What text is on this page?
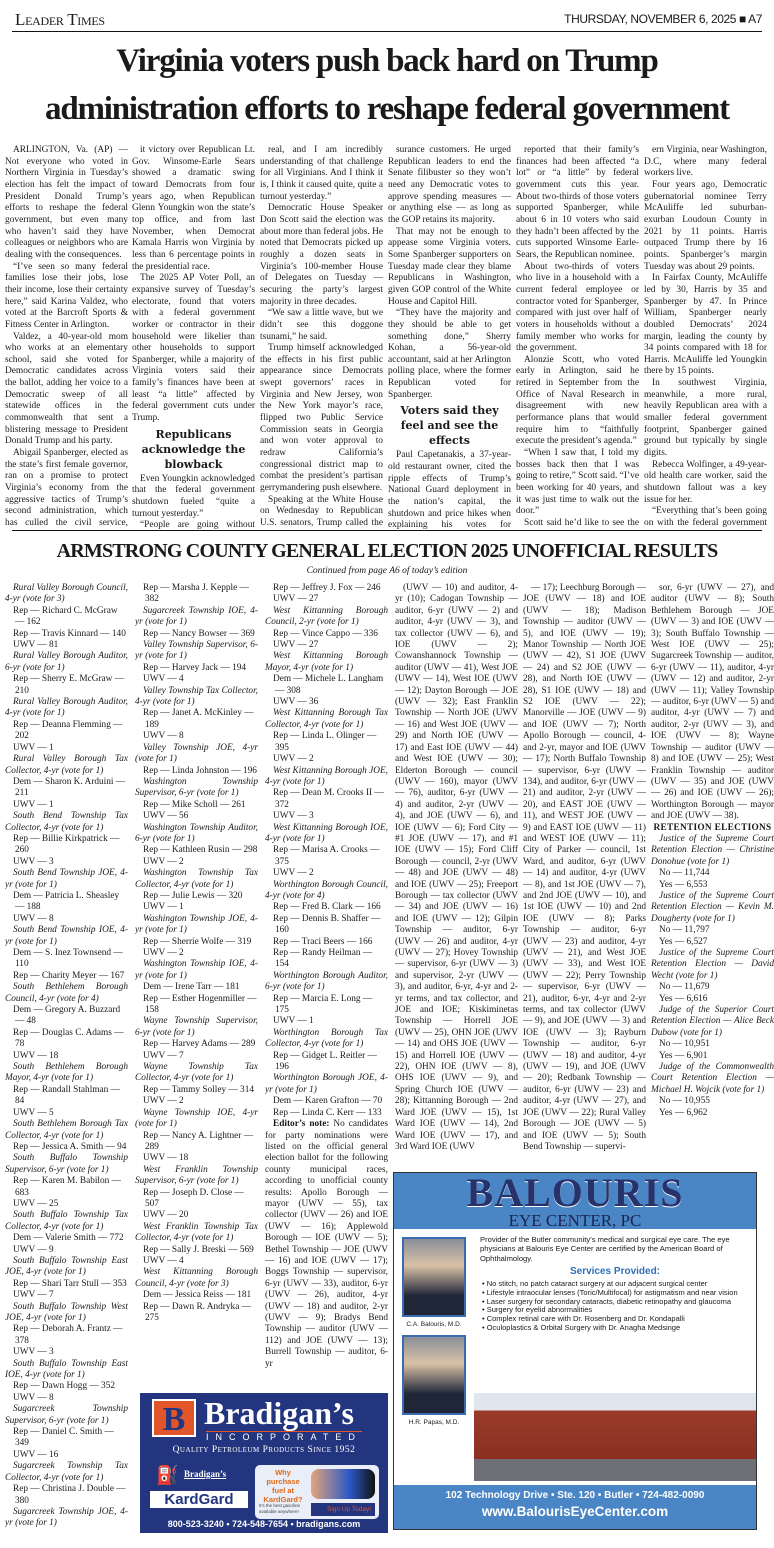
Leader Times	THURSDAY, NOVEMBER 6, 2025 ■ A7
Virginia voters push back hard on Trump
administration efforts to reshape federal government

ARLINGTON, Va. (AP) — Not everyone who voted in Northern Virginia in Tuesday’s election has felt the impact of President Donald Trump’s efforts to reshape the federal government, but even many who haven’t said they have colleagues or neighbors who are dealing with the consequences.

“I’ve seen so many federal families lose their jobs, lose their income, lose their certainty here,” said Karina Valdez, who voted at the Barcroft Sports & Fitness Center in Arlington.

Valdez, a 40-year-old mom who works at an elementary school, said she voted for Democratic candidates across the ballot, adding her voice to a Democratic sweep of all statewide offices in the commonwealth that sent a blistering message to President Donald Trump and his party.

Abigail Spanberger, elected as the state’s first female governor, ran on a promise to protect Virginia’s economy from the aggressive tactics of Trump’s second administration, which has culled the civil service,

it victory over Republican Lt. Gov. Winsome-Earle Sears showed a dramatic swing toward Democrats from four years ago, when Republican Glenn Youngkin won the state’s top office, and from last November, when Democrat Kamala Harris won Virginia by less than 6 percentage points in the presidential race.

The 2025 AP Voter Poll, an expansive survey of Tuesday’s electorate, found that voters with a federal government worker or contractor in their household were likelier than other households to support Spanberger, while a majority of Virginia voters said their family’s finances have been at least “a little” affected by federal government cuts under Trump.

Republicans acknowledge the blowback

Even Youngkin acknowledged that the federal government shutdown fueled “quite a turnout yesterday.”

“People are going without

real, and I am incredibly understanding of that challenge for all Virginians. And I think it is, I think it caused quite, quite a turnout yesterday.”

Democratic House Speaker Don Scott said the election was about more than federal jobs. He noted that Democrats picked up roughly a dozen seats in Virginia’s 100-member House of Delegates on Tuesday — securing the party’s largest majority in three decades.

“We saw a little wave, but we didn’t see this doggone tsunami,” he said.

Trump himself acknowledged the effects in his first public appearance since Democrats swept governors’ races in Virginia and New Jersey, won the New York mayor’s race, flipped two Public Service Commission seats in Georgia and won voter approval to redraw California’s congressional district map to combat the president’s partisan gerrymandering push elsewhere.

Speaking at the White House on Wednesday to Republican U.S. senators, Trump called the

surance customers. He urged Republican leaders to end the Senate filibuster so they won’t need any Democratic votes to approve spending measures — or anything else — as long as the GOP retains its majority.

That may not be enough to appease some Virginia voters. Some Spanberger supporters on Tuesday made clear they blame Republicans in Washington, given GOP control of the White House and Capitol Hill.

“They have the majority and they should be able to get something done,” Sherry Kohan, a 56-year-old accountant, said at her Arlington polling place, where the former Republican voted for Spanberger.

Voters said they feel and see the effects

Paul Capetanakis, a 37-year-old restaurant owner, cited the ripple effects of Trump’s National Guard deployment in the nation’s capital, the shutdown and price hikes when explaining his votes for

reported that their family’s finances had been affected “a lot” or “a little” by federal government cuts this year. About two-thirds of those voters supported Spanberger, while about 6 in 10 voters who said they hadn’t been affected by the cuts supported Winsome Earle-Sears, the Republican nominee.

About two-thirds of voters who live in a household with a current federal employee or contractor voted for Spanberger, compared with just over half of voters in households without a family member who works for the government.

Alonzie Scott, who voted early in Arlington, said he retired in September from the Office of Naval Research in disagreement with new performance plans that would require him to “faithfully execute the president’s agenda.”

“When I saw that, I told my bosses back then that I was going to retire,” Scott said. “I’ve been working for 40 years, and it was just time to walk out the door.”

Scott said he’d like to see the

ern Virginia, near Washington, D.C, where many federal workers live.

Four years ago, Democratic gubernatorial nominee Terry McAuliffe led suburban-exurban Loudoun County in 2021 by 11 points. Harris outpaced Trump there by 16 points. Spanberger’s margin Tuesday was about 29 points.

In Fairfax County, McAuliffe led by 30, Harris by 35 and Spanberger by 47. In Prince William, Spanberger nearly doubled Democrats’ 2024 margin, leading the county by 34 points compared with 18 for Harris. McAuliffe led Youngkin there by 15 points.

In southwest Virginia, meanwhile, a more rural, heavily Republican area with a smaller federal government footprint, Spanberger gained ground but typically by single digits.

Rebecca Wolfinger, a 49-year-old health care worker, said the shutdown fallout was a key issue for her.

“Everything that’s been going on with the federal government

ARMSTRONG COUNTY GENERAL ELECTION 2025 UNOFFICIAL RESULTS
Continued from page A6 of today’s edition
Rural Valley Borough Council, 4-yr (vote for 3)
Rep — Richard C. McGraw — 162
Rep — Travis Kinnard — 140
UWV — 81
Rural Valley Borough Auditor, 6-yr (vote for 1)
Rep — Sherry E. McGraw — 210
Rural Valley Borough Auditor, 4-yr (vote for 1)
Rep — Deanna Flemming — 202
UWV — 1
Rural Valley Borough Tax Collector, 4-yr (vote for 1)
Dem — Sharon K. Arduini — 211
UWV — 1
South Bend Township Tax Collector, 4-yr (vote for 1)
Rep — Billie Kirkpatrick — 260
UWV — 3
South Bend Township JOE, 4-yr (vote for 1)
Dem — Patricia L. Sheasley — 188
UWV — 8
South Bend Township IOE, 4-yr (vote for 1)
Dem — S. Inez Townsend — 110
Rep — Charity Meyer — 167
South Bethlehem Borough Council, 4-yr (vote for 4)
Dem — Gregory A. Buzzard — 48
Rep — Douglas C. Adams — 78
UWV — 18
South Bethlehem Borough Mayor, 4-yr (vote for 1)
Rep — Randall Stahlman — 84
UWV — 5
South Bethlehem Borough Tax Collector, 4-yr (vote for 1)
Rep — Jessica A. Smith — 94
South Buffalo Township Supervisor, 6-yr (vote for 1)
Rep — Karen M. Babilon — 683
UWV — 25
South Buffalo Township Tax Collector, 4-yr (vote for 1)
Dem — Valerie Smith — 772
UWV — 9
South Buffalo Township East JOE, 4-yr (vote for 1)
Rep — Shari Tarr Stull — 353
UWV — 7
South Buffalo Township West JOE, 4-yr (vote for 1)
Rep — Deborah A. Frantz — 378
UWV — 3
South Buffalo Township East IOE, 4-yr (vote for 1)
Rep — Dawn Hogg — 352
UWV — 8
Sugarcreek Township Supervisor, 6-yr (vote for 1)
Rep — Daniel C. Smith — 349
UWV — 16
Sugarcreek Township Tax Collector, 4-yr (vote for 1)
Rep — Christina J. Double — 380
Sugarcreek Township JOE, 4-yr (vote for 1)
Rep — Marsha J. Kepple — 382
Sugarcreek Township IOE, 4-yr (vote for 1)
Rep — Nancy Bowser — 369
Valley Township Supervisor, 6-yr (vote for 1)
Rep — Harvey Jack — 194
UWV — 4
Valley Township Tax Collector, 4-yr (vote for 1)
Rep — Janet A. McKinley — 189
UWV — 8
Valley Township JOE, 4-yr (vote for 1)
Rep — Linda Johnston — 196
Washington Township Supervisor, 6-yr (vote for 1)
Rep — Mike Scholl — 261
UWV — 56
Washington Township Auditor, 6-yr (vote for 1)
Rep — Kathleen Rusin — 298
UWV — 2
Washington Township Tax Collector, 4-yr (vote for 1)
Rep — Julie Lewis — 320
UWV — 1
Washington Township JOE, 4-yr (vote for 1)
Rep — Sherrie Wolfe — 319
UWV — 2
Washington Township IOE, 4-yr (vote for 1)
Dem — Irene Tarr — 181
Rep — Esther Hogenmiller — 158
Wayne Township Supervisor, 6-yr (vote for 1)
Rep — Harvey Adams — 289
UWV — 7
Wayne Township Tax Collector, 4-yr (vote for 1)
Rep — Tammy Solley — 314
UWV — 2
Wayne Township IOE, 4-yr (vote for 1)
Rep — Nancy A. Lightner — 289
UWV — 18
West Franklin Township Supervisor, 6-yr (vote for 1)
Rep — Joseph D. Close — 507
UWV — 20
West Franklin Township Tax Collector, 4-yr (vote for 1)
Rep — Sally J. Breski — 569
UWV — 4
West Kittanning Borough Council, 4-yr (vote for 3)
Dem — Jessica Reiss — 181
Rep — Dawn R. Andryka — 275
Rep — Jeffrey J. Fox — 246
UWV — 27
West Kittanning Borough Council, 2-yr (vote for 1)
Rep — Vince Cappo — 336
UWV — 27
West Kittanning Borough Mayor, 4-yr (vote for 1)
Dem — Michele L. Langham — 308
UWV — 36
West Kittanning Borough Tax Collector, 4-yr (vote for 1)
Rep — Linda L. Olinger — 395
UWV — 2
West Kittanning Borough JOE, 4-yr (vote for 1)
Rep — Dean M. Crooks II — 372
UWV — 3
West Kittanning Borough IOE, 4-yr (vote for 1)
Rep — Marisa A. Crooks — 375
UWV — 2
Worthington Borough Council, 4-yr (vote for 4)
Rep — Fred B. Clark — 166
Rep — Dennis B. Shaffer — 160
Rep — Traci Beers — 166
Rep — Randy Heilman — 154
Worthington Borough Auditor, 6-yr (vote for 1)
Rep — Marcia E. Long — 175
UWV — 1
Worthington Borough Tax Collector, 4-yr (vote for 1)
Rep — Gidget L. Reitler — 196
Worthington Borough JOE, 4-yr (vote for 1)
Dem — Karen Grafton — 70
Rep — Linda C. Kerr — 133
Editor’s note: No candidates for party nominations were listed on the official general election ballot for the following county municipal races, according to unofficial county results: Apollo Borough — mayor (UWV — 55), tax collector (UWV — 26) and IOE (UWV — 16); Applewold Borough — IOE (UWV — 5); Bethel Township — JOE (UWV — 16) and IOE (UWV — 17); Boggs Township — supervisor, 6-yr (UWV — 33), auditor, 6-yr (UWV — 26), auditor, 4-yr (UWV — 18) and auditor, 2-yr (UWV — 9); Bradys Bend Township — auditor (UWV — 112) and JOE (UWV — 13); Burrell Township — auditor, 6-yr
(UWV — 10) and auditor, 4-yr (10); Cadogan Township — auditor, 6-yr (UWV — 2) and auditor, 4-yr (UWV — 3), and tax collector (UWV — 6), and IOE (UWV — 2); Cowanshannock Township — auditor (UWV — 41), West JOE (UWV — 14), West IOE (UWV — 12); Dayton Borough — JOE (UWV — 32); East Franklin Township — North JOE (UWV — 16) and West JOE (UWV — 29) and North IOE (UWV — 17) and East IOE (UWV — 44) and West IOE (UWV — 30); Elderton Borough — council (UWV — 160), mayor (UWV — 76), auditor, 6-yr (UWV — 4) and auditor, 2-yr (UWV — 4), and JOE (UWV — 6), and IOE (UWV — 6); Ford City — #1 JOE (UWV — 17), and #1 IOE (UWV — 15); Ford Cliff Borough — council, 2-yr (UWV — 48) and JOE (UWV — 48) and IOE (UWV — 25); Freeport Borough — tax collector (UWV — 34) and JOE (UWV — 16) and IOE (UWV — 12); Gilpin Township — auditor, 6-yr (UWV — 26) and auditor, 4-yr (UWV — 27); Hovey Township — supervisor, 6-yr (UWV — 3) and supervisor, 2-yr (UWV — 3), and auditor, 6-yr, 4-yr and 2-yr terms, and tax collector, and JOE and IOE; Kiskiminetas Township — Horrell JOE (UWV — 25), OHN JOE (UWV — 14) and OHS JOE (UWV — 15) and Horrell IOE (UWV — 22), OHN IOE (UWV — 8), OHS IOE (UWV — 9), and Spring Church IOE (UWV — 28); Kittanning Borough — 2nd Ward JOE (UWV — 15), 1st Ward IOE (UWV — 14), 2nd Ward IOE (UWV — 17), and 3rd Ward IOE (UWV
— 17); Leechburg Borough — JOE (UWV — 18) and IOE (UWV — 18); Madison Township — auditor (UWV — 5), and IOE (UWV — 19); Manor Township — North JOE (UWV — 42), S1 JOE (UWV — 24) and S2 JOE (UWV — 28), and North IOE (UWV — 28), S1 IOE (UWV — 18) and S2 IOE (UWV — 22); Manorville — JOE (UWV — 9) and IOE (UWV — 7); North Apollo Borough — council, 4- and 2-yr, mayor and IOE (UWV — 17); North Buffalo Township — supervisor, 6-yr (UWV — 134), and auditor, 6-yr (UWV — 21) and auditor, 2-yr (UWV — 20), and EAST JOE (UWV — 11), and WEST JOE (UWV — 9) and EAST IOE (UWV — 11) and WEST IOE (UWV — 11); City of Parker — council, 1st Ward, and auditor, 6-yr (UWV — 14) and auditor, 4-yr (UWV — 8), and 1st JOE (UWV — 7), and 2nd JOE (UWV — 10), and 1st IOE (UWV — 10) and 2nd IOE (UWV — 8); Parks Township — auditor, 6-yr (UWV — 23) and auditor, 4-yr (UWV — 21), and West JOE (UWV — 33), and West IOE (UWV — 22); Perry Township — supervisor, 6-yr (UWV — 21), auditor, 6-yr, 4-yr and 2-yr terms, and tax collector (UWV — 9), and JOE (UWV — 3) and IOE (UWV — 3); Rayburn Township — auditor, 6-yr (UWV — 18) and auditor, 4-yr (UWV — 19), and JOE (UWV — 20); Redbank Township — auditor, 6-yr (UWV — 23) and auditor, 4-yr (UWV — 27), and JOE (UWV — 22); Rural Valley Borough — JOE (UWV — 5) and IOE (UWV — 5); South Bend Township — supervi-
sor, 6-yr (UWV — 27), and auditor (UWV — 8); South Bethlehem Borough — JOE (UWV — 3) and IOE (UWV — 3); South Buffalo Township — West IOE (UWV — 25); Sugarcreek Township — auditor, 6-yr (UWV — 11), auditor, 4-yr (UWV — 12) and auditor, 2-yr (UWV — 11); Valley Township — auditor, 6-yr (UWV — 5) and auditor, 4-yr (UWV — 7) and auditor, 2-yr (UWV — 3), and IOE (UWV — 8); Wayne Township — auditor (UWV — 8) and IOE (UWV — 25); West Franklin Township — auditor (UWV — 35) and JOE (UWV — 26) and IOE (UWV — 26); Worthington Borough — mayor and JOE (UWV — 38).
RETENTION ELECTIONS
Justice of the Supreme Court Retention Election — Christine Donohue (vote for 1)
No — 11,744
Yes — 6,553
Justice of the Supreme Court Retention Election — Kevin M. Dougherty (vote for 1)
No — 11,797
Yes — 6,527
Justice of the Supreme Court Retention Election — David Wecht (vote for 1)
No — 11,679
Yes — 6,616
Judge of the Superior Court Retention Election — Alice Beck Dubow (vote for 1)
No — 10,951
Yes — 6,901
Judge of the Commonwealth Court Retention Election — Michael H. Wojcik (vote for 1)
No — 10,955
Yes — 6,962
B Bradigan’s
INCORPORATED
Quality Petroleum Products Since 1952
⛽ Bradigan’s
KardGard
Why purchase fuel at KardGard?
It’s the best gasoline available anywhere!	Sign Up Today!
800-523-3240 • 724-548-7654 • bradigans.com
BALOURIS
EYE CENTER, PC
C.A. Balouris, M.D.
H.R. Papas, M.D.
Provider of the Butler community’s medical and surgical eye care. The eye physicians at Balouris Eye Center are certified by the American Board of Ophthalmology.
Services Provided:
• No stitch, no patch cataract surgery at our adjacent surgical center
• Lifestyle intraocular lenses (Toric/Multifocal) for astigmatism and near vision
• Laser surgery for secondary cataracts, diabetic retinopathy and glaucoma
• Surgery for eyelid abnormalities
• Complex retinal care with Dr. Rosenberg and Dr. Kondapalli
• Oculoplastics & Orbital Surgery with Dr. Anagha Medsinge
102 Technology Drive • Ste. 120 • Butler • 724-482-0090
www.BalourisEyeCenter.com
